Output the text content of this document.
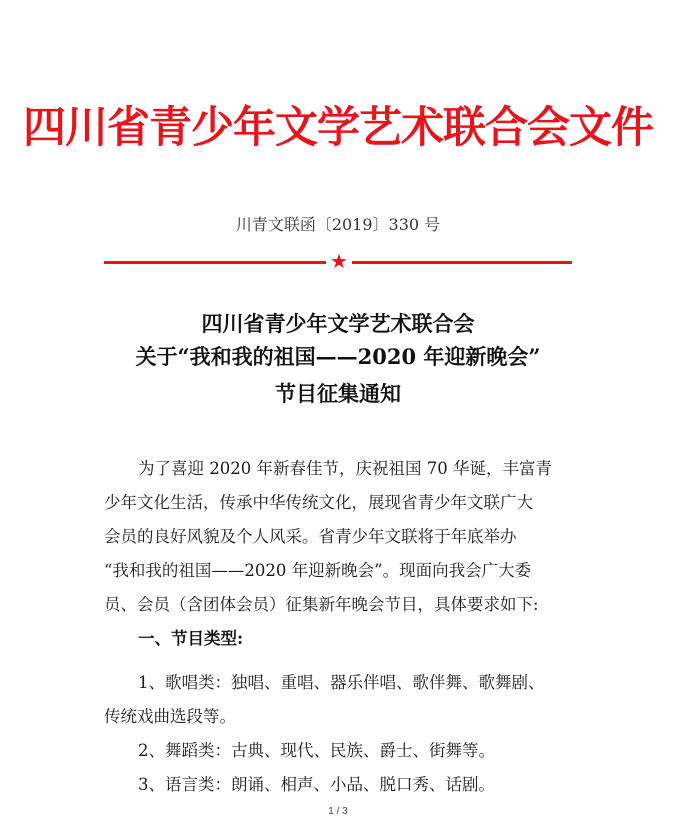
四川省青少年文学艺术联合会文件
川青文联函〔2019〕330 号
★
四川省青少年文学艺术联合会
关于“我和我的祖国——2020 年迎新晚会”
节目征集通知
为了喜迎 2020 年新春佳节，庆祝祖国 70 华诞，丰富青
少年文化生活，传承中华传统文化，展现省青少年文联广大
会员的良好风貌及个人风采。省青少年文联将于年底举办
“我和我的祖国——2020 年迎新晚会”。现面向我会广大委
员、会员（含团体会员）征集新年晚会节目，具体要求如下:
一、节目类型:
1、歌唱类：独唱、重唱、器乐伴唱、歌伴舞、歌舞剧、
传统戏曲选段等。
2、舞蹈类：古典、现代、民族、爵士、街舞等。
3、语言类：朗诵、相声、小品、脱口秀、话剧。
1 / 3
